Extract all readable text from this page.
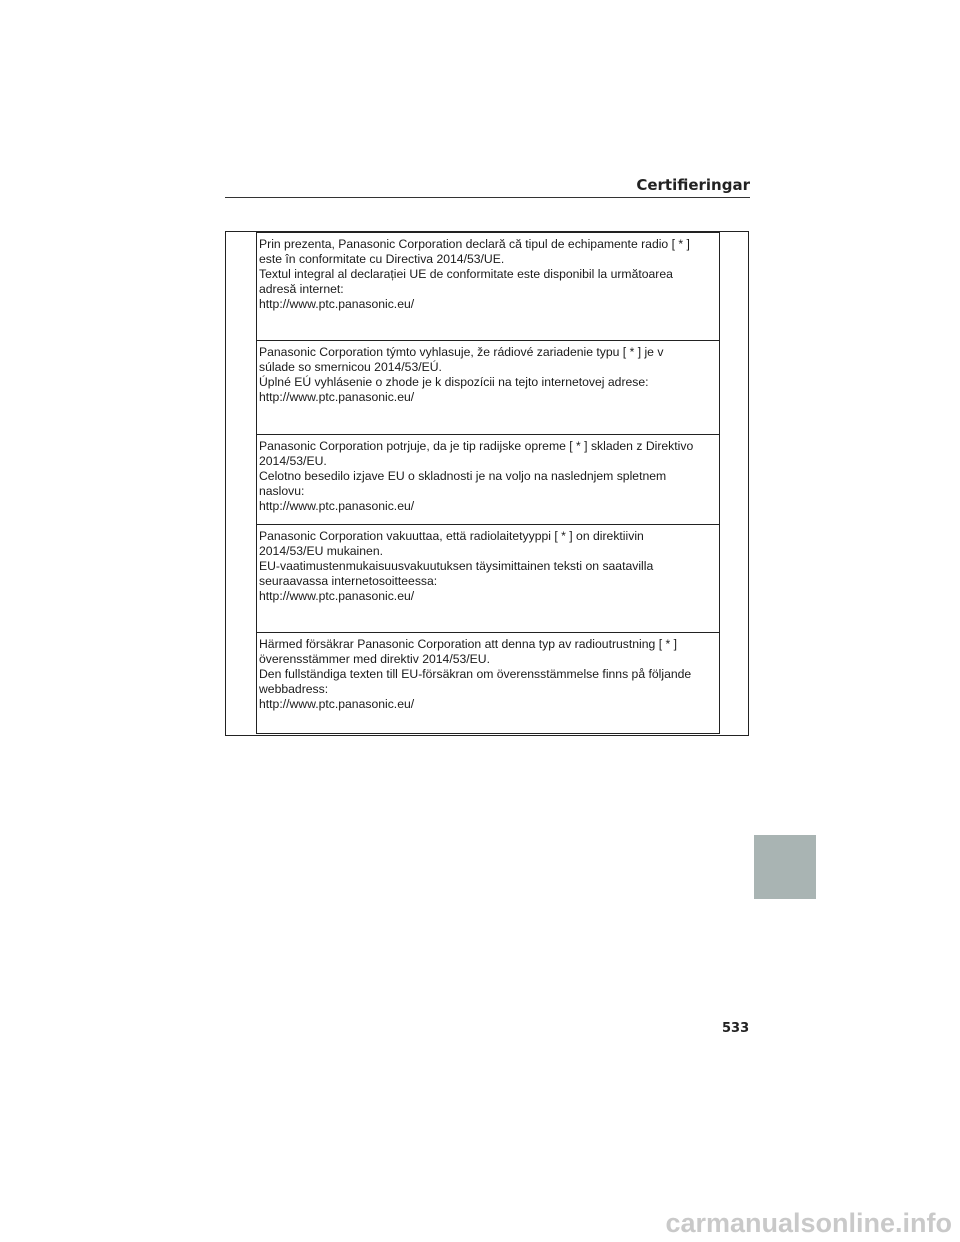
Certifieringar
Prin prezenta, Panasonic Corporation declară că tipul de echipamente radio [ * ]
este în conformitate cu Directiva 2014/53/UE.
Textul integral al declarației UE de conformitate este disponibil la următoarea
adresă internet:
http://www.ptc.panasonic.eu/
Panasonic Corporation týmto vyhlasuje, že rádiové zariadenie typu [ * ] je v
súlade so smernicou 2014/53/EÚ.
Úplné EÚ vyhlásenie o zhode je k dispozícii na tejto internetovej adrese:
http://www.ptc.panasonic.eu/
Panasonic Corporation potrjuje, da je tip radijske opreme [ * ] skladen z Direktivo
2014/53/EU.
Celotno besedilo izjave EU o skladnosti je na voljo na naslednjem spletnem
naslovu:
http://www.ptc.panasonic.eu/
Panasonic Corporation vakuuttaa, että radiolaitetyyppi [ * ] on direktiivin
2014/53/EU mukainen.
EU-vaatimustenmukaisuusvakuutuksen täysimittainen teksti on saatavilla
seuraavassa internetosoitteessa:
http://www.ptc.panasonic.eu/
Härmed försäkrar Panasonic Corporation att denna typ av radioutrustning [ * ]
överensstämmer med direktiv 2014/53/EU.
Den fullständiga texten till EU-försäkran om överensstämmelse finns på följande
webbadress:
http://www.ptc.panasonic.eu/
533
carmanualsonline.info
